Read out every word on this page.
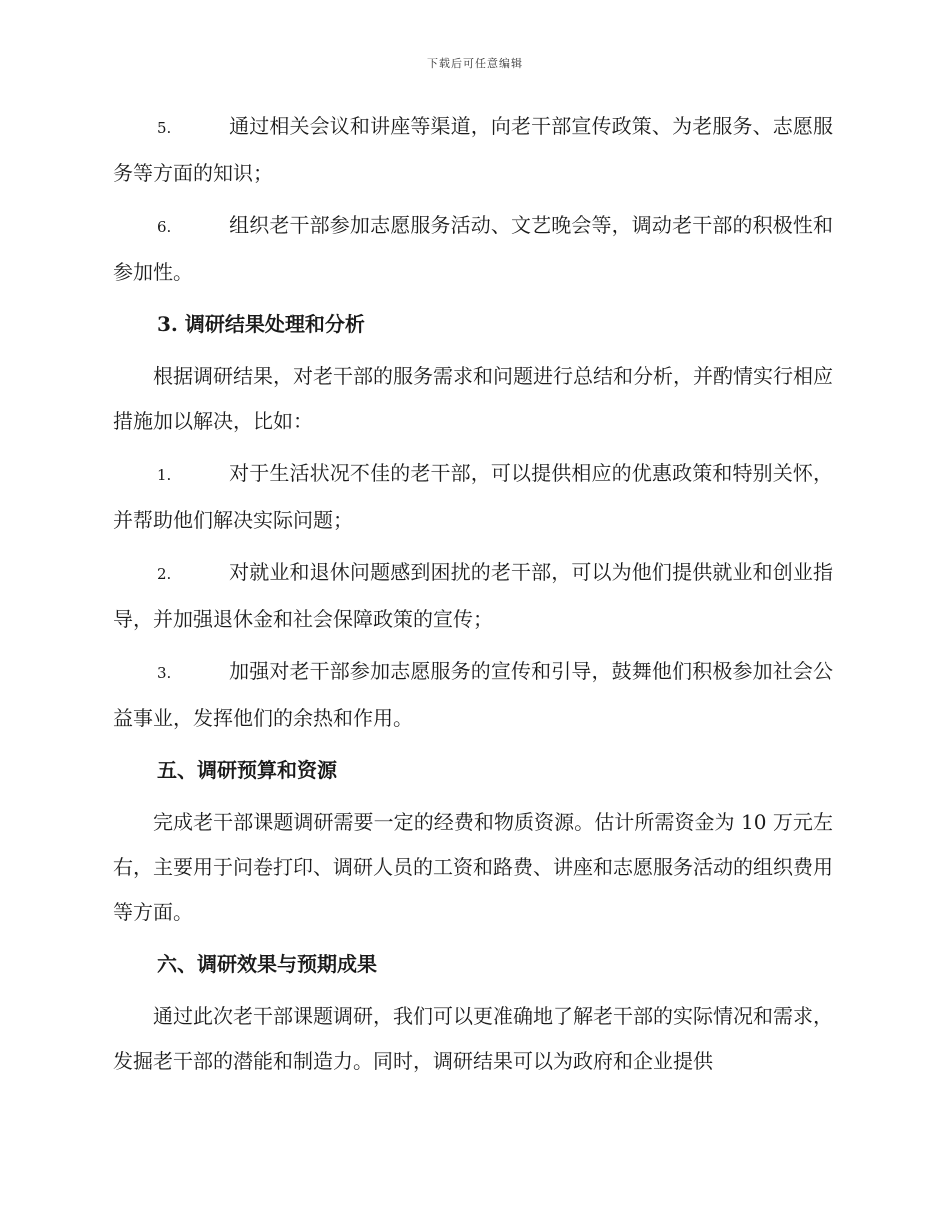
下载后可任意编辑
5.	通过相关会议和讲座等渠道，向老干部宣传政策、为老服务、志愿服务等方面的知识；
6.	组织老干部参加志愿服务活动、文艺晚会等，调动老干部的积极性和参加性。
3. 调研结果处理和分析
根据调研结果，对老干部的服务需求和问题进行总结和分析，并酌情实行相应措施加以解决，比如：
1.	对于生活状况不佳的老干部，可以提供相应的优惠政策和特别关怀，并帮助他们解决实际问题；
2.	对就业和退休问题感到困扰的老干部，可以为他们提供就业和创业指导，并加强退休金和社会保障政策的宣传；
3.	加强对老干部参加志愿服务的宣传和引导，鼓舞他们积极参加社会公益事业，发挥他们的余热和作用。
五、调研预算和资源
完成老干部课题调研需要一定的经费和物质资源。估计所需资金为 10 万元左右，主要用于问卷打印、调研人员的工资和路费、讲座和志愿服务活动的组织费用等方面。
六、调研效果与预期成果
通过此次老干部课题调研，我们可以更准确地了解老干部的实际情况和需求，发掘老干部的潜能和制造力。同时，调研结果可以为政府和企业提供
